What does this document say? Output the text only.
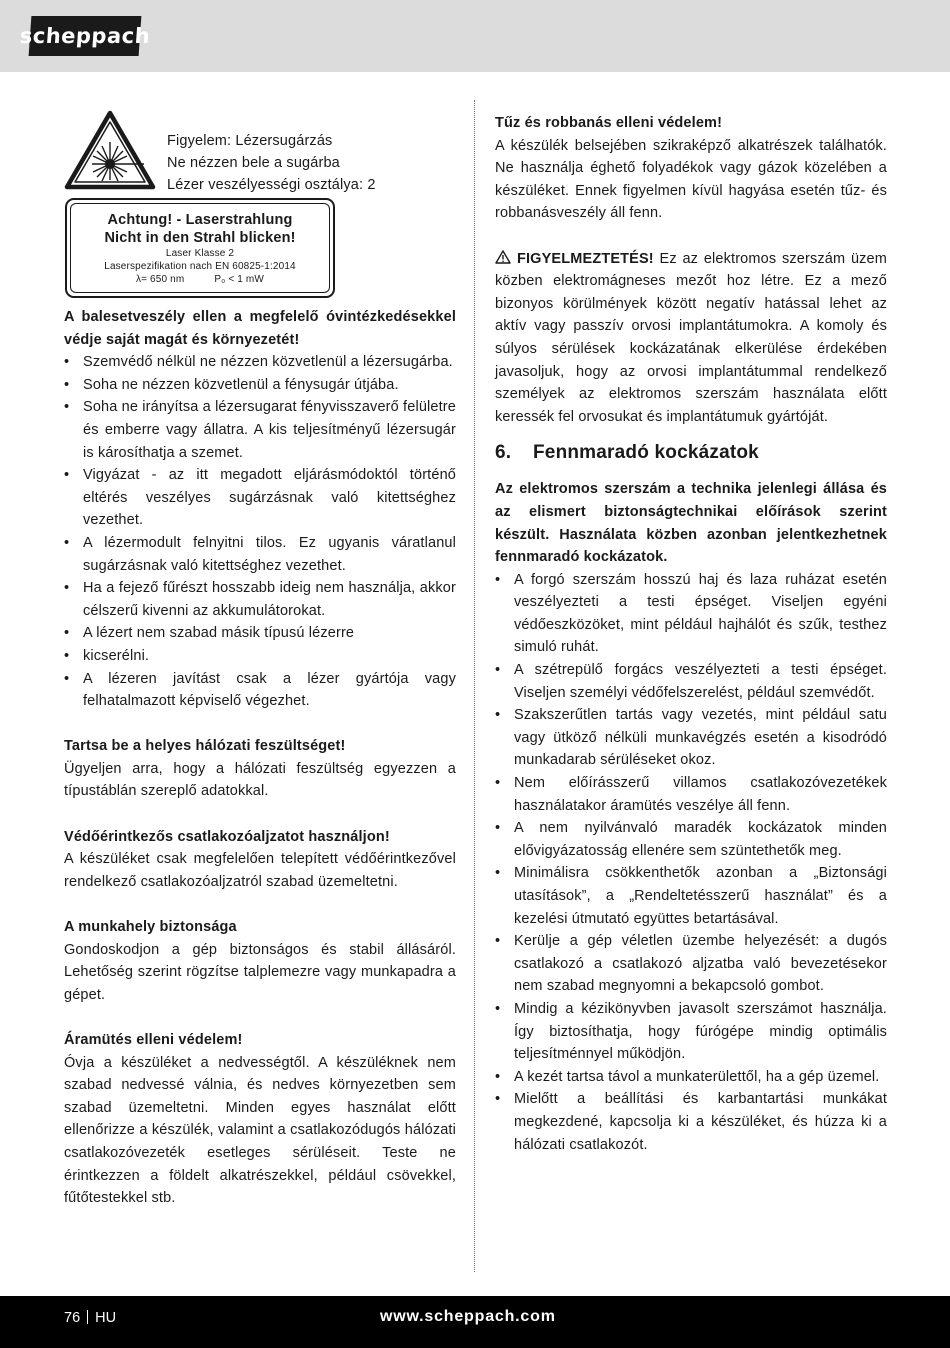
scheppach
Figyelem: Lézersugárzás
Ne nézzen bele a sugárba
Lézer veszélyességi osztálya: 2
Achtung! - Laserstrahlung
Nicht in den Strahl blicken!
Laser Klasse 2
Laserspezifikation nach EN 60825-1:2014
λ= 650 nm	P₀ < 1 mW

A balesetveszély ellen a megfelelő óvintézkedésekkel védje saját magát és környezetét!

• Szemvédő nélkül ne nézzen közvetlenül a lézersugárba.
• Soha ne nézzen közvetlenül a fénysugár útjába.
• Soha ne irányítsa a lézersugarat fényvisszaverő felületre és emberre vagy állatra. A kis teljesítményű lézersugár is károsíthatja a szemet.
• Vigyázat - az itt megadott eljárásmódoktól történő eltérés veszélyes sugárzásnak való kitettséghez vezethet.
• A lézermodult felnyitni tilos. Ez ugyanis váratlanul sugárzásnak való kitettséghez vezethet.
• Ha a fejező fűrészt hosszabb ideig nem használja, akkor célszerű kivenni az akkumulátorokat.
• A lézert nem szabad másik típusú lézerre
• kicserélni.
• A lézeren javítást csak a lézer gyártója vagy felhatalmazott képviselő végezhet.

Tartsa be a helyes hálózati feszültséget!

Ügyeljen arra, hogy a hálózati feszültség egyezzen a típustáblán szereplő adatokkal.

Védőérintkezős csatlakozóaljzatot használjon!

A készüléket csak megfelelően telepített védőérintkezővel rendelkező csatlakozóaljzatról szabad üzemeltetni.

A munkahely biztonsága

Gondoskodjon a gép biztonságos és stabil állásáról. Lehetőség szerint rögzítse talplemezre vagy munkapadra a gépet.

Áramütés elleni védelem!

Óvja a készüléket a nedvességtől. A készüléknek nem szabad nedvessé válnia, és nedves környezetben sem szabad üzemeltetni. Minden egyes használat előtt ellenőrizze a készülék, valamint a csatlakozódugós hálózati csatlakozóvezeték esetleges sérüléseit. Teste ne érintkezzen a földelt alkatrészekkel, például csövekkel, fűtőtestekkel stb.

Tűz és robbanás elleni védelem!

A készülék belsejében szikraképző alkatrészek találhatók. Ne használja éghető folyadékok vagy gázok közelében a készüléket. Ennek figyelmen kívül hagyása esetén tűz- és robbanásveszély áll fenn.

FIGYELMEZTETÉS! Ez az elektromos szerszám üzem közben elektromágneses mezőt hoz létre. Ez a mező bizonyos körülmények között negatív hatással lehet az aktív vagy passzív orvosi implantátumokra. A komoly és súlyos sérülések kockázatának elkerülése érdekében javasoljuk, hogy az orvosi implantátummal rendelkező személyek az elektromos szerszám használata előtt keressék fel orvosukat és implantátumuk gyártóját.

6. Fennmaradó kockázatok

Az elektromos szerszám a technika jelenlegi állása és az elismert biztonságtechnikai előírások szerint készült. Használata közben azonban jelentkezhetnek fennmaradó kockázatok.

• A forgó szerszám hosszú haj és laza ruházat esetén veszélyezteti a testi épséget. Viseljen egyéni védőeszközöket, mint például hajhálót és szűk, testhez simuló ruhát.
• A szétrepülő forgács veszélyezteti a testi épséget. Viseljen személyi védőfelszerelést, például szemvédőt.
• Szakszerűtlen tartás vagy vezetés, mint például satu vagy ütköző nélküli munkavégzés esetén a kisodródó munkadarab sérüléseket okoz.
• Nem előírásszerű villamos csatlakozóvezetékek használatakor áramütés veszélye áll fenn.
• A nem nyilvánvaló maradék kockázatok minden elővigyázatosság ellenére sem szüntethetők meg.
• Minimálisra csökkenthetők azonban a „Biztonsági utasítások”, a „Rendeltetésszerű használat” és a kezelési útmutató együttes betartásával.
• Kerülje a gép véletlen üzembe helyezését: a dugós csatlakozó a csatlakozó aljzatba való bevezetésekor nem szabad megnyomni a bekapcsoló gombot.
• Mindig a kézikönyvben javasolt szerszámot használja. Így biztosíthatja, hogy fúrógépe mindig optimális teljesítménnyel működjön.
• A kezét tartsa távol a munkaterülettől, ha a gép üzemel.
• Mielőtt a beállítási és karbantartási munkákat megkezdené, kapcsolja ki a készüléket, és húzza ki a hálózati csatlakozót.
76 HU	www.scheppach.com
